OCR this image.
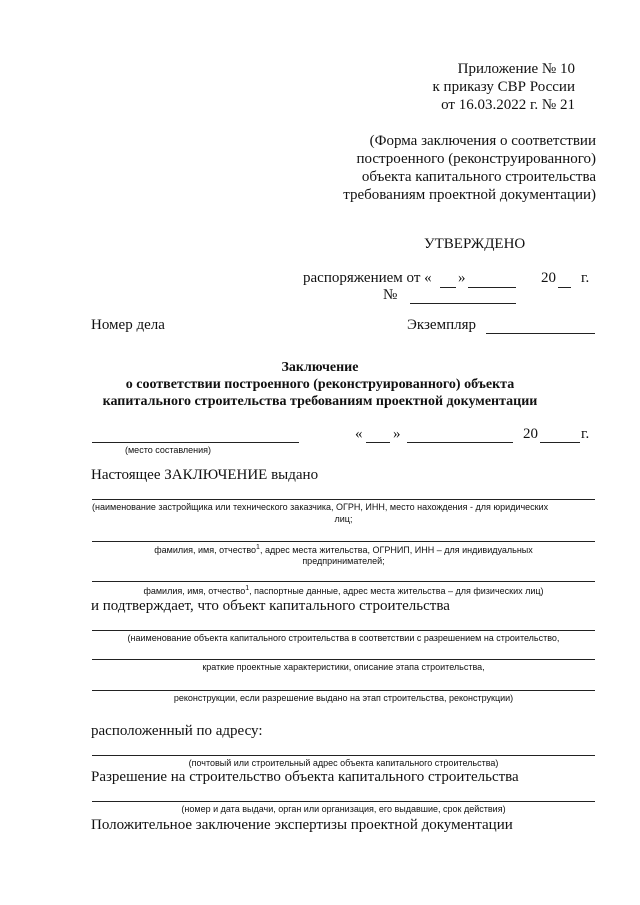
Приложение № 10
к приказу СВР России
от 16.03.2022 г. № 21
(Форма заключения о соответствии
построенного (реконструированного)
объекта капитального строительства
требованиям проектной документации)
УТВЕРЖДЕНО
распоряжением от « »	20 г.
№
Номер дела	Экземпляр
Заключение
о соответствии построенного (реконструированного) объекта
капитального строительства требованиям проектной документации
(место составления)
« »	20	г.
Настоящее ЗАКЛЮЧЕНИЕ выдано
(наименование застройщика или технического заказчика, ОГРН, ИНН, место нахождения - для юридических
лиц;
фамилия, имя, отчество$^1$, адрес места жительства, ОГРНИП, ИНН – для индивидуальных
предпринимателей;
фамилия, имя, отчество$^1$, паспортные данные, адрес места жительства – для физических лиц)
и подтверждает, что объект капитального строительства
(наименование объекта капитального строительства в соответствии с разрешением на строительство,
краткие проектные характеристики, описание этапа строительства,
реконструкции, если разрешение выдано на этап строительства, реконструкции)
расположенный по адресу:
(почтовый или строительный адрес объекта капитального строительства)
Разрешение на строительство объекта капитального строительства
(номер и дата выдачи, орган или организация, его выдавшие, срок действия)
Положительное заключение экспертизы проектной документации
